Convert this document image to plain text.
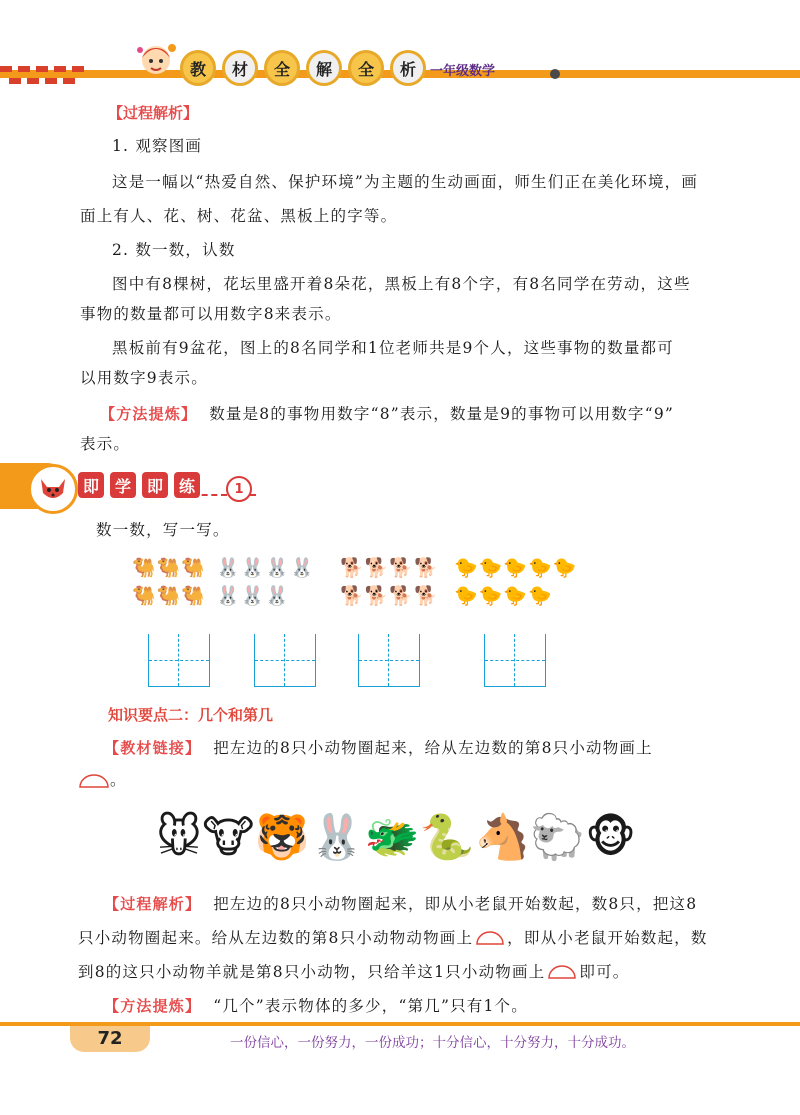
教	材	全	解	全	析	一年级数学
【过程解析】
1. 观察图画
这是一幅以“热爱自然、保护环境”为主题的生动画面，师生们正在美化环境，画
面上有人、花、树、花盆、黑板上的字等。
2. 数一数，认数
图中有8棵树，花坛里盛开着8朵花，黑板上有8个字，有8名同学在劳动，这些
事物的数量都可以用数字8来表示。
黑板前有9盆花，图上的8名同学和1位老师共是9个人，这些事物的数量都可
以用数字9表示。
【方法提炼】 数量是8的事物用数字“8”表示，数量是9的事物可以用数字“9”
表示。
即 学 即 练	1
数一数，写一写。
🐫 🐫 🐫
🐫 🐫 🐫
🐰 🐰 🐰 🐰
🐰 🐰 🐰
🐕 🐕 🐕 🐕
🐕 🐕 🐕 🐕
🐤 🐤 🐤 🐤 🐤
🐤 🐤 🐤 🐤
知识要点二：几个和第几
【教材链接】 把左边的8只小动物圈起来，给从左边数的第8只小动物画上
。
🐭 🐮 🐯 🐰 🐲 🐍 🐴 🐑 🐵
【过程解析】 把左边的8只小动物圈起来，即从小老鼠开始数起，数8只，把这8
只小动物圈起来。给从左边数的第8只小动物动物画上 ，即从小老鼠开始数起，数
到8的这只小动物羊就是第8只小动物，只给羊这1只小动物画上 即可。
【方法提炼】 “几个”表示物体的多少，“第几”只有1个。
72	一份信心，一份努力，一份成功；十分信心，十分努力，十分成功。
